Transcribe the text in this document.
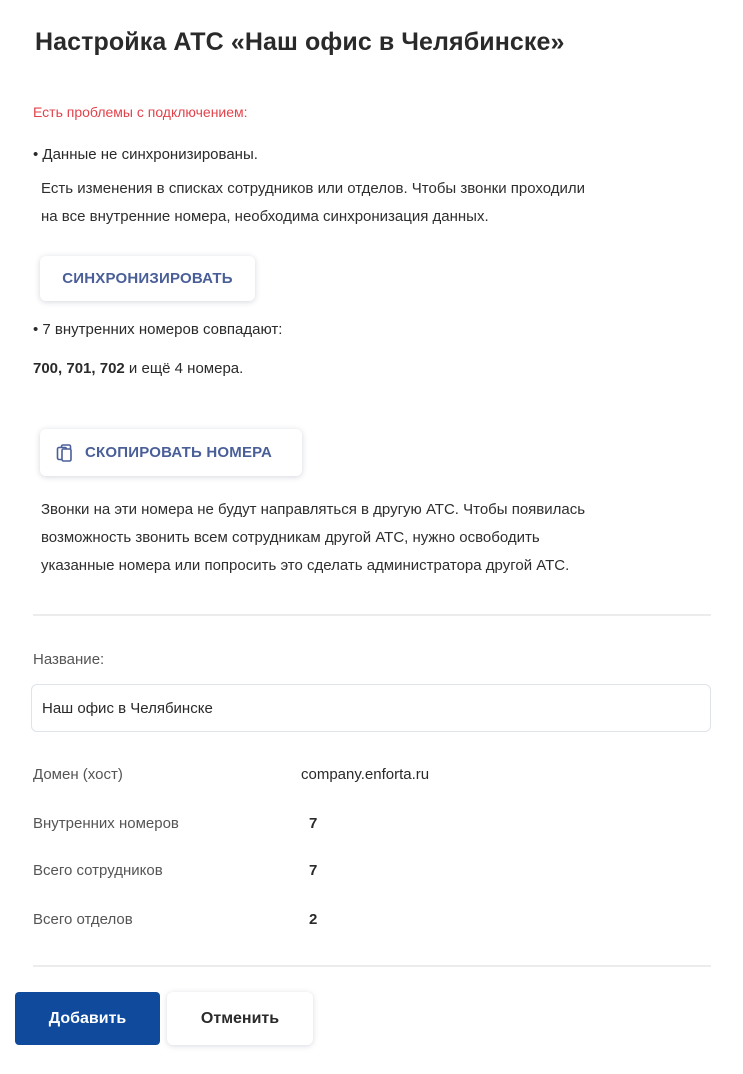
Настройка АТС «Наш офис в Челябинске»
Есть проблемы с подключением:
• Данные не синхронизированы.
Есть изменения в списках сотрудников или отделов. Чтобы звонки проходили
на все внутренние номера, необходима синхронизация данных.
СИНХРОНИЗИРОВАТЬ
• 7 внутренних номеров совпадают:
700, 701, 702 и ещё 4 номера.
СКОПИРОВАТЬ НОМЕРА
Звонки на эти номера не будут направляться в другую АТС. Чтобы появилась
возможность звонить всем сотрудникам другой АТС, нужно освободить
указанные номера или попросить это сделать администратора другой АТС.
Название:
Наш офис в Челябинске
Домен (хост)	company.enforta.ru
Внутренних номеров	7
Всего сотрудников	7
Всего отделов	2
Добавить	Отменить
